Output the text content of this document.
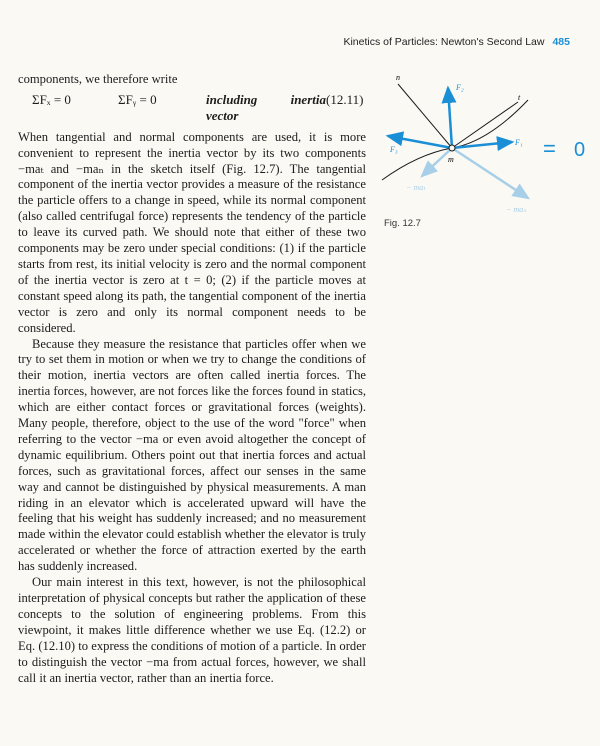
Kinetics of Particles: Newton's Second Law 485

components, we therefore write

ΣFₓ = 0	ΣFᵧ = 0	including inertia vector
(12.11)

When tangential and normal components are used, it is more convenient to represent the inertia vector by its two components −maₜ and −maₙ in the sketch itself (Fig. 12.7). The tangential component of the inertia vector provides a measure of the resistance the particle offers to a change in speed, while its normal component (also called centrifugal force) represents the tendency of the particle to leave its curved path. We should note that either of these two components may be zero under special conditions: (1) if the particle starts from rest, its initial velocity is zero and the normal component of the inertia vector is zero at t = 0; (2) if the particle moves at constant speed along its path, the tangential component of the inertia vector is zero and only its normal component needs to be considered.

Because they measure the resistance that particles offer when we try to set them in motion or when we try to change the conditions of their motion, inertia vectors are often called inertia forces. The inertia forces, however, are not forces like the forces found in statics, which are either contact forces or gravitational forces (weights). Many people, therefore, object to the use of the word "force" when referring to the vector −ma or even avoid altogether the concept of dynamic equilibrium. Others point out that inertia forces and actual forces, such as gravitational forces, affect our senses in the same way and cannot be distinguished by physical measurements. A man riding in an elevator which is accelerated upward will have the feeling that his weight has suddenly increased; and no measurement made within the elevator could establish whether the elevator is truly accelerated or whether the force of attraction exerted by the earth has suddenly increased.

Our main interest in this text, however, is not the philosophical interpretation of physical concepts but rather the application of these concepts to the solution of engineering problems. From this viewpoint, it makes little difference whether we use Eq. (12.2) or Eq. (12.10) to express the conditions of motion of a particle. In order to distinguish the vector −ma from actual forces, however, we shall call it an inertia vector, rather than an inertia force.

n
t
F₁
F₂
F₃
m
− maₜ
− maₙ
= 0
Fig. 12.7
